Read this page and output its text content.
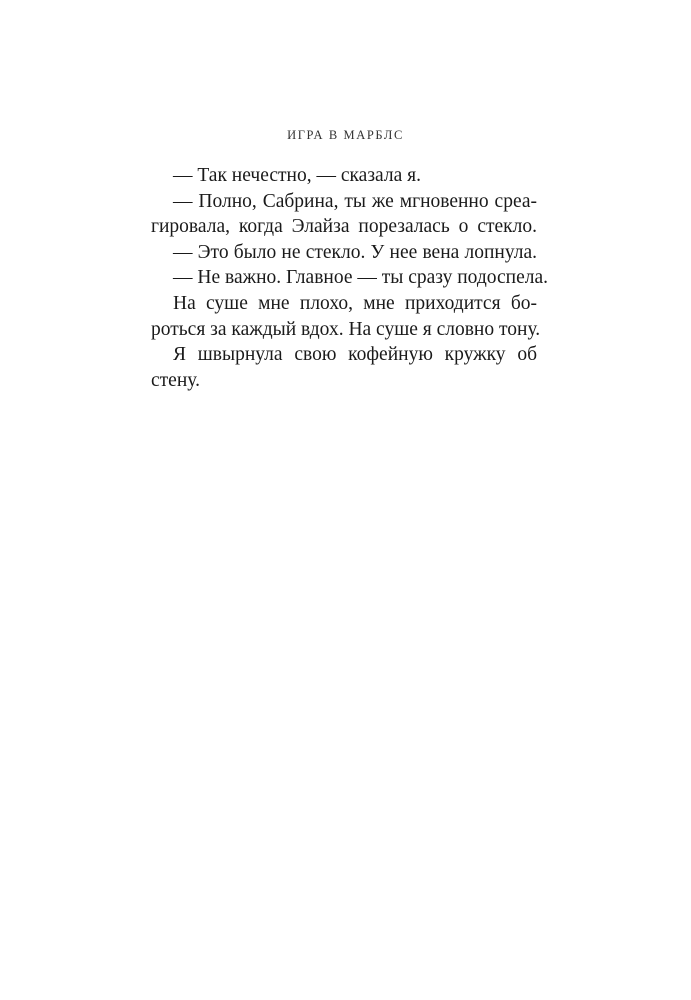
ИГРА В МАРБЛС
— Так нечестно, — сказала я.
— Полно, Сабрина, ты же мгновенно среа-
гировала, когда Элайза порезалась о стекло.
— Это было не стекло. У нее вена лопнула.
— Не важно. Главное — ты сразу подоспела.
На суше мне плохо, мне приходится бо-
роться за каждый вдох. На суше я словно тону.
Я швырнула свою кофейную кружку об
стену.
